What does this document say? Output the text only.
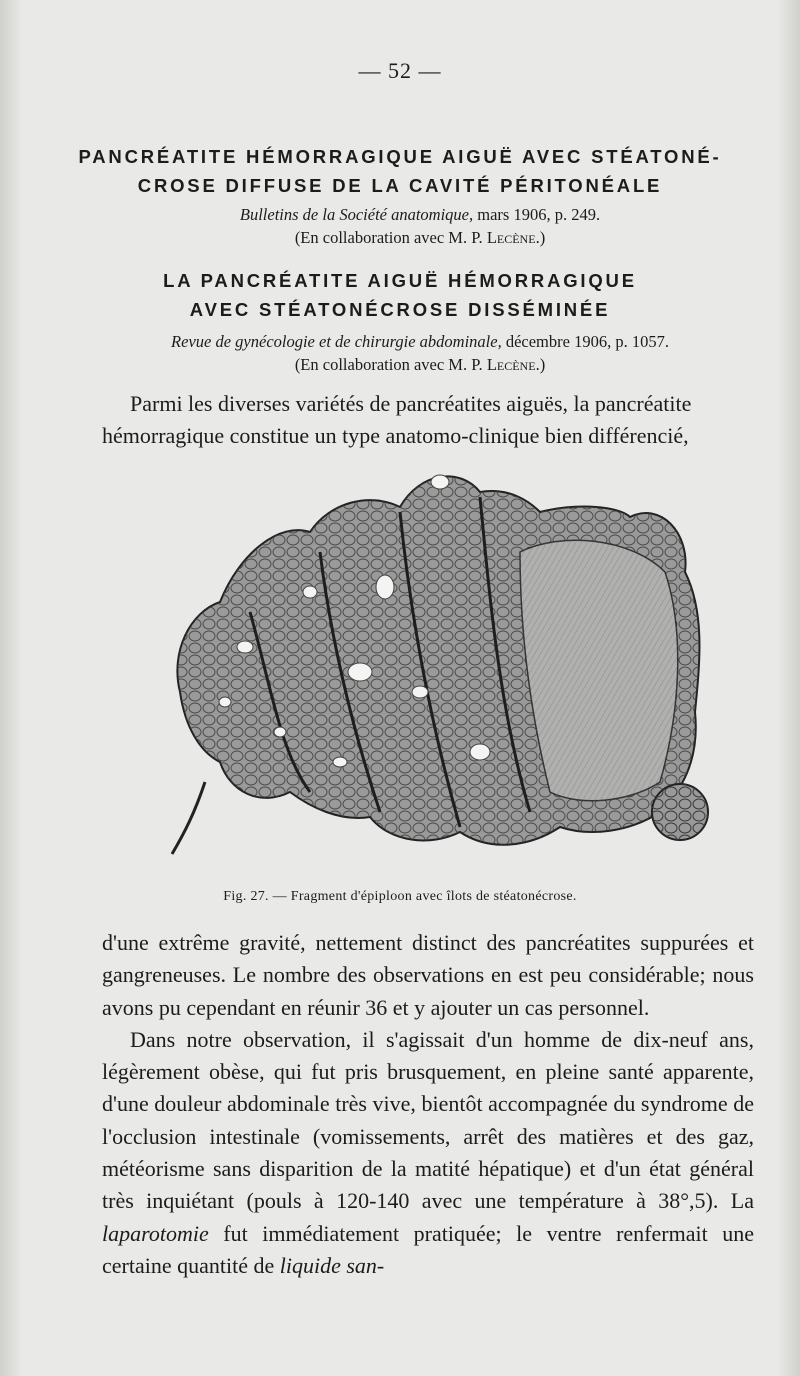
— 52 —
PANCRÉATITE HÉMORRAGIQUE AIGUË AVEC STÉATONÉ-
CROSE DIFFUSE DE LA CAVITÉ PÉRITONÉALE
Bulletins de la Société anatomique, mars 1906, p. 249.
(En collaboration avec M. P. Lecène.)
LA PANCRÉATITE AIGUË HÉMORRAGIQUE
AVEC STÉATONÉCROSE DISSÉMINÉE
Revue de gynécologie et de chirurgie abdominale, décembre 1906, p. 1057.
(En collaboration avec M. P. Lecène.)
Parmi les diverses variétés de pancréatites aiguës, la pancréatite
hémorragique constitue un type anatomo-clinique bien différencié,
Fig. 27. — Fragment d'épiploon avec îlots de stéatonécrose.

d'une extrême gravité, nettement distinct des pancréatites suppurées et gangreneuses. Le nombre des observations en est peu considérable; nous avons pu cependant en réunir 36 et y ajouter un cas personnel.

Dans notre observation, il s'agissait d'un homme de dix-neuf ans, légèrement obèse, qui fut pris brusquement, en pleine santé apparente, d'une douleur abdominale très vive, bientôt accompagnée du syndrome de l'occlusion intestinale (vomissements, arrêt des matières et des gaz, météorisme sans disparition de la matité hépatique) et d'un état général très inquiétant (pouls à 120-140 avec une température à 38°,5). La laparotomie fut immédiatement pratiquée; le ventre renfermait une certaine quantité de liquide san-
